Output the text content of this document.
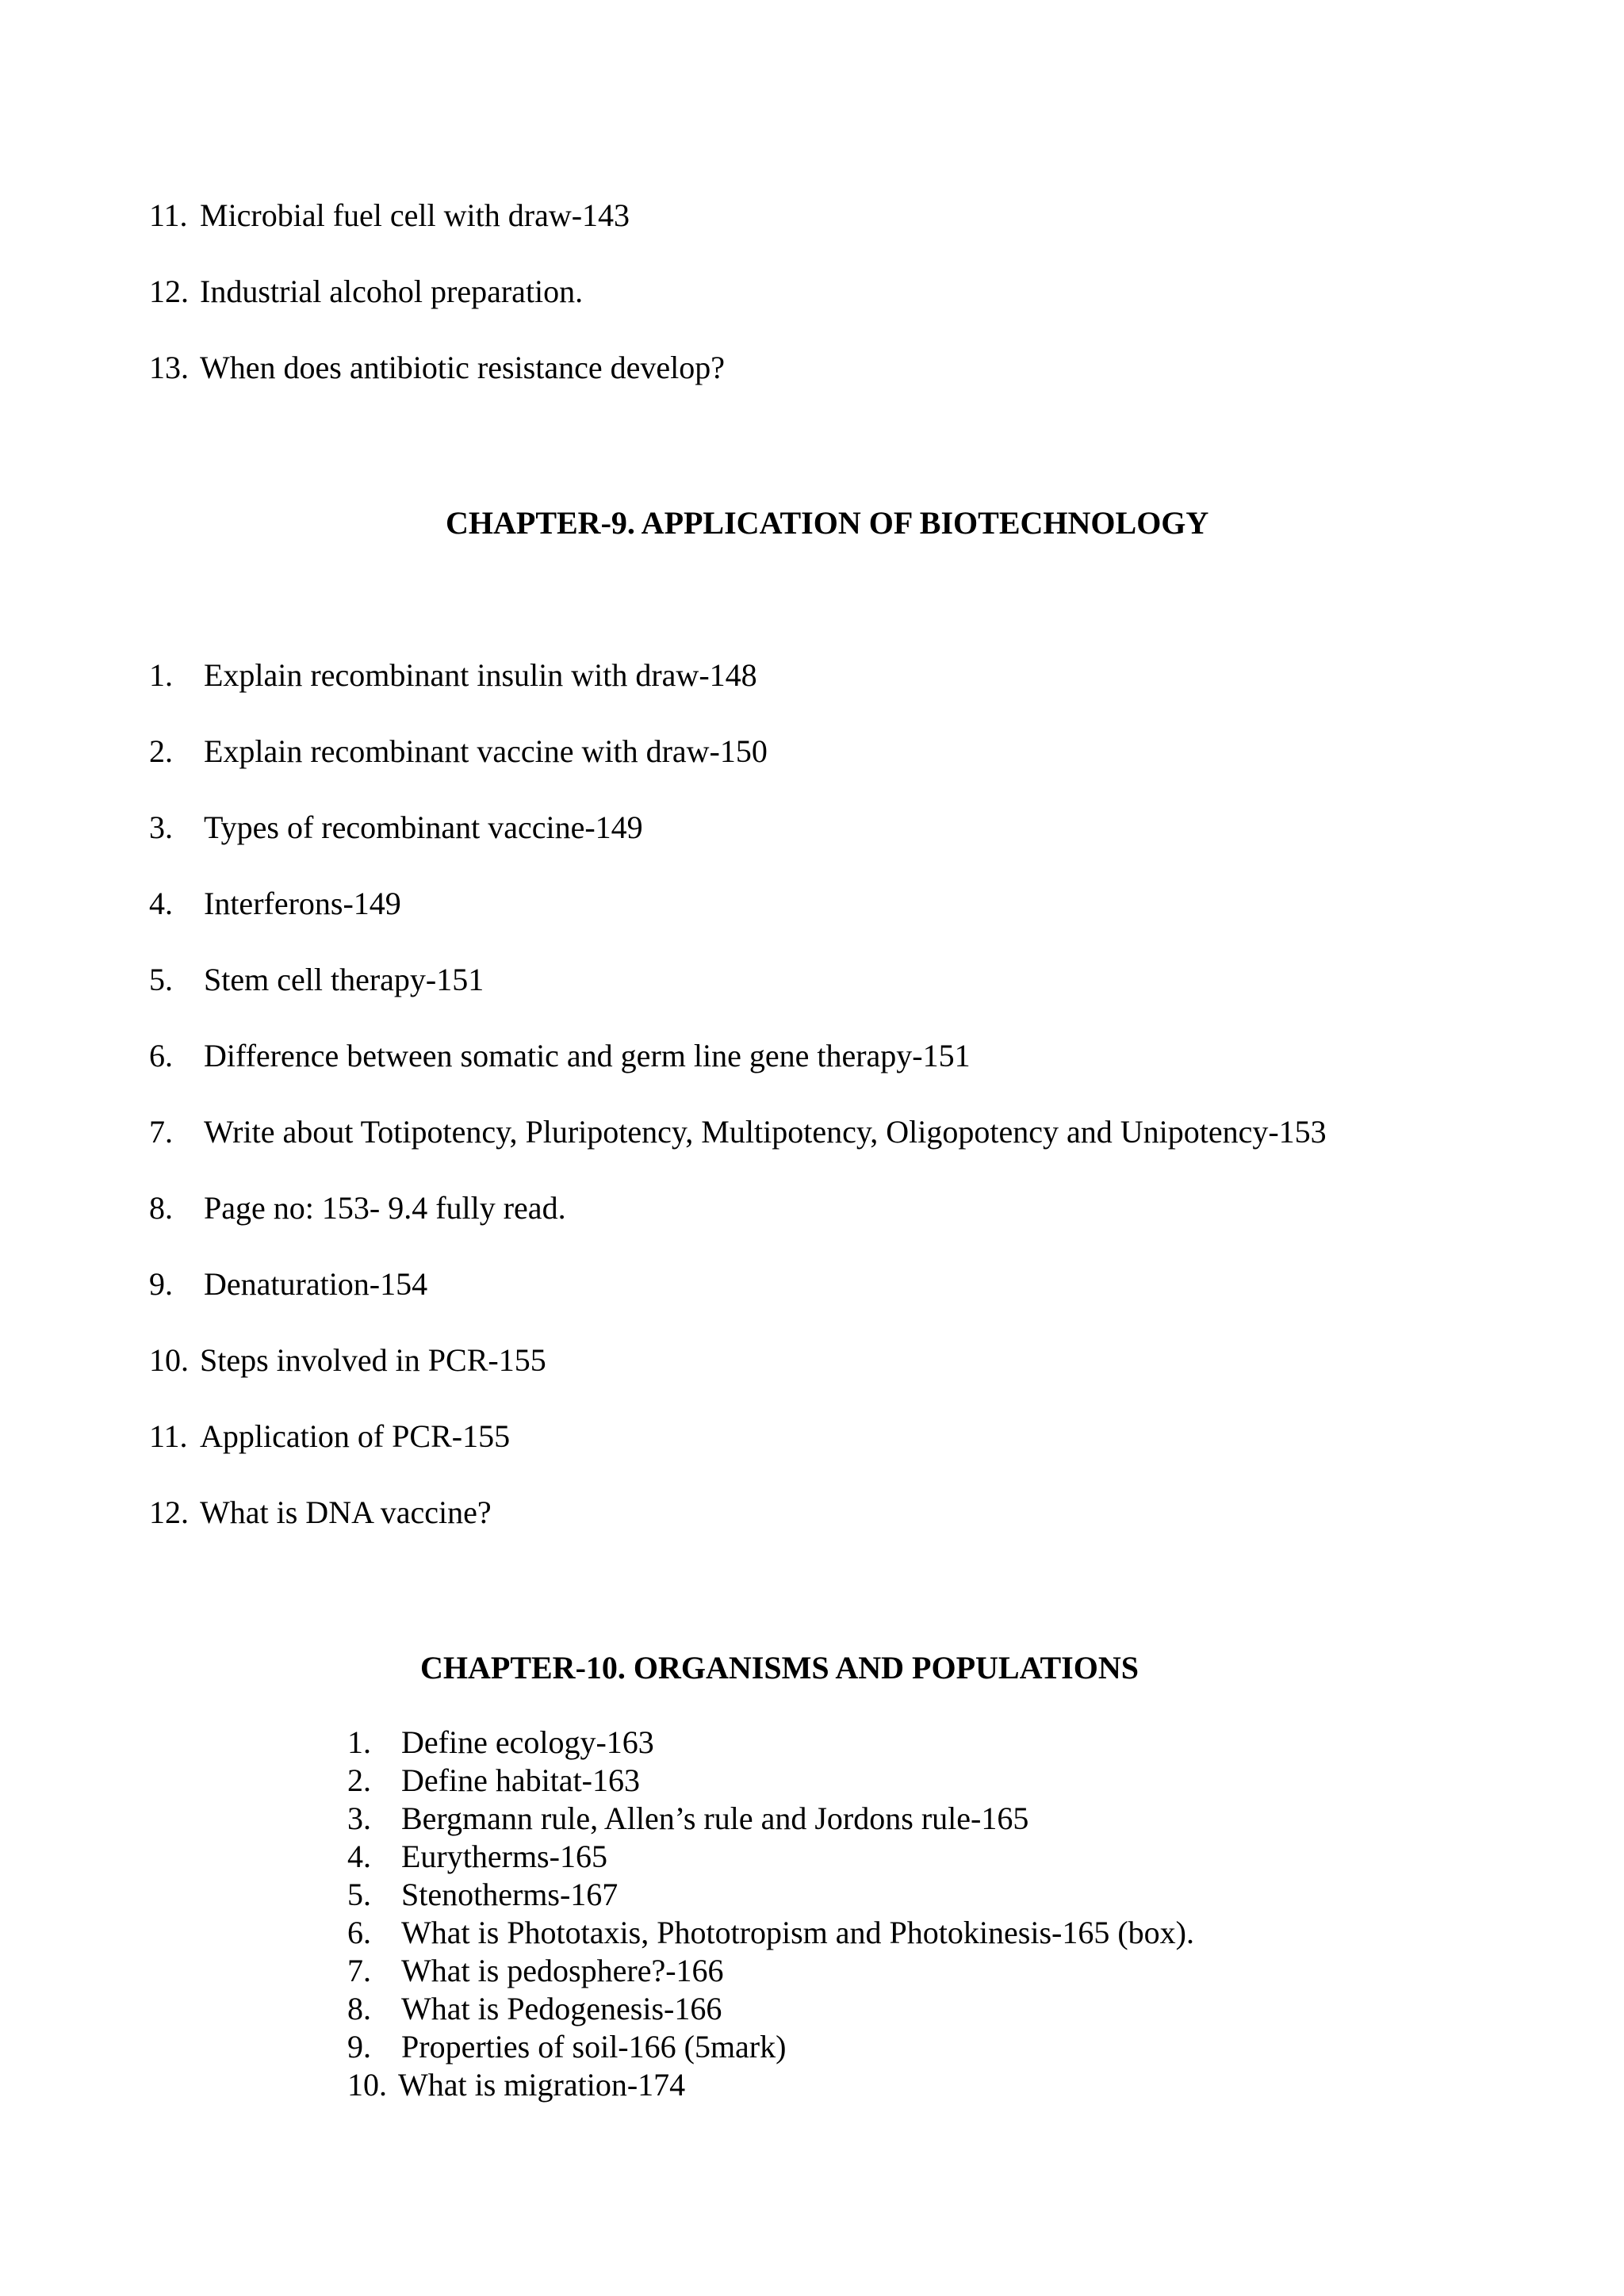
11. Microbial fuel cell with draw-143
12. Industrial alcohol preparation.
13. When does antibiotic resistance develop?
CHAPTER-9. APPLICATION OF BIOTECHNOLOGY
1. Explain recombinant insulin with draw-148
2. Explain recombinant vaccine with draw-150
3. Types of recombinant vaccine-149
4. Interferons-149
5. Stem cell therapy-151
6. Difference between somatic and germ line gene therapy-151
7. Write about Totipotency, Pluripotency, Multipotency, Oligopotency and Unipotency-153
8. Page no: 153- 9.4 fully read.
9. Denaturation-154
10. Steps involved in PCR-155
11. Application of PCR-155
12. What is DNA vaccine?
CHAPTER-10. ORGANISMS AND POPULATIONS
1. Define ecology-163
2. Define habitat-163
3. Bergmann rule, Allen’s rule and Jordons rule-165
4. Eurytherms-165
5. Stenotherms-167
6. What is Phototaxis, Phototropism and Photokinesis-165 (box).
7. What is pedosphere?-166
8. What is Pedogenesis-166
9. Properties of soil-166 (5mark)
10. What is migration-174
